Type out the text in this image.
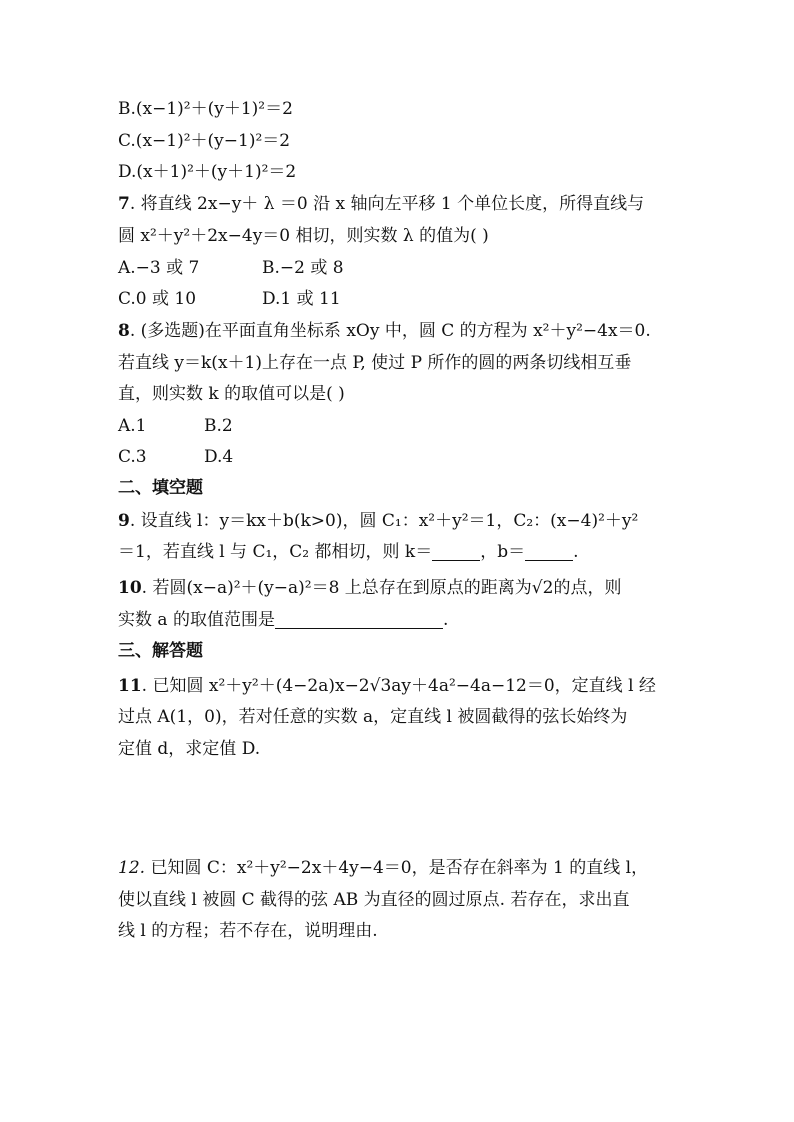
B.(x−1)²＋(y＋1)²＝2
C.(x−1)²＋(y−1)²＝2
D.(x＋1)²＋(y＋1)²＝2
7. 将直线 2x−y＋ λ ＝0 沿 x 轴向左平移 1 个单位长度，所得直线与
圆 x²＋y²＋2x−4y＝0 相切，则实数 λ 的值为( )
A.−3 或 7	B.−2 或 8
C.0 或 10	D.1 或 11
8. (多选题)在平面直角坐标系 xOy 中，圆 C 的方程为 x²＋y²−4x＝0.
若直线 y＝k(x＋1)上存在一点 P, 使过 P 所作的圆的两条切线相互垂
直，则实数 k 的取值可以是( )
A.1	B.2
C.3	D.4
二、填空题
9. 设直线 l：y＝kx＋b(k>0)，圆 C₁：x²＋y²＝1，C₂：(x−4)²＋y²
＝1，若直线 l 与 C₁，C₂ 都相切，则 k＝	，b＝	.
10. 若圆(x−a)²＋(y−a)²＝8 上总存在到原点的距离为√2的点，则
实数 a 的取值范围是	.
三、解答题
11. 已知圆 x²＋y²＋(4−2a)x−2√3ay＋4a²−4a−12＝0，定直线 l 经
过点 A(1，0)，若对任意的实数 a，定直线 l 被圆截得的弦长始终为
定值 d，求定值 D.
12. 已知圆 C：x²＋y²−2x＋4y−4＝0，是否存在斜率为 1 的直线 l，
使以直线 l 被圆 C 截得的弦 AB 为直径的圆过原点. 若存在，求出直
线 l 的方程；若不存在，说明理由.
